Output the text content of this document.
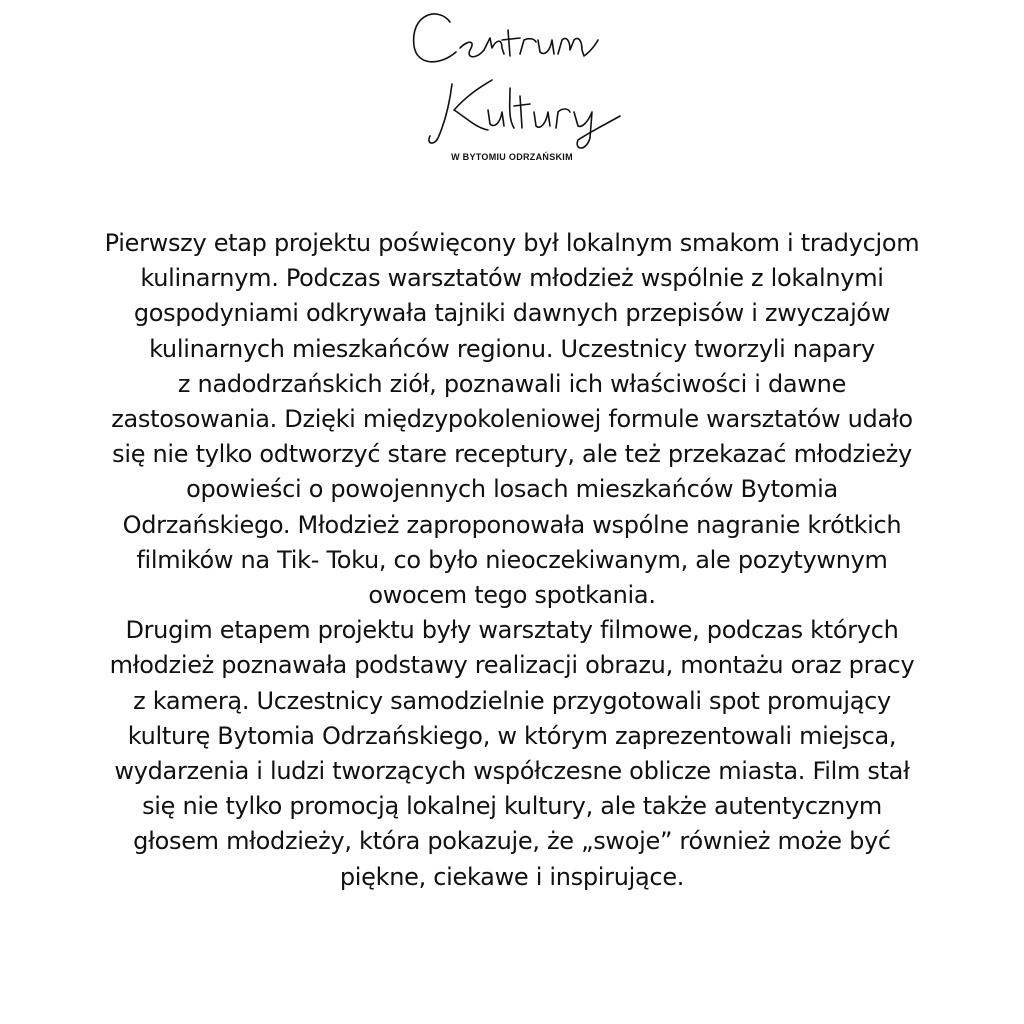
W BYTOMIU ODRZAŃSKIM

Pierwszy etap projektu poświęcony był lokalnym smakom i tradycjom
kulinarnym. Podczas warsztatów młodzież wspólnie z lokalnymi
gospodyniami odkrywała tajniki dawnych przepisów i zwyczajów
kulinarnych mieszkańców regionu. Uczestnicy tworzyli napary
z nadodrzańskich ziół, poznawali ich właściwości i dawne
zastosowania. Dzięki międzypokoleniowej formule warsztatów udało
się nie tylko odtworzyć stare receptury, ale też przekazać młodzieży
opowieści o powojennych losach mieszkańców Bytomia
Odrzańskiego. Młodzież zaproponowała wspólne nagranie krótkich
filmików na Tik- Toku, co było nieoczekiwanym, ale pozytywnym
owocem tego spotkania.

Drugim etapem projektu były warsztaty filmowe, podczas których
młodzież poznawała podstawy realizacji obrazu, montażu oraz pracy
z kamerą. Uczestnicy samodzielnie przygotowali spot promujący
kulturę Bytomia Odrzańskiego, w którym zaprezentowali miejsca,
wydarzenia i ludzi tworzących współczesne oblicze miasta. Film stał
się nie tylko promocją lokalnej kultury, ale także autentycznym
głosem młodzieży, która pokazuje, że „swoje” również może być
piękne, ciekawe i inspirujące.
